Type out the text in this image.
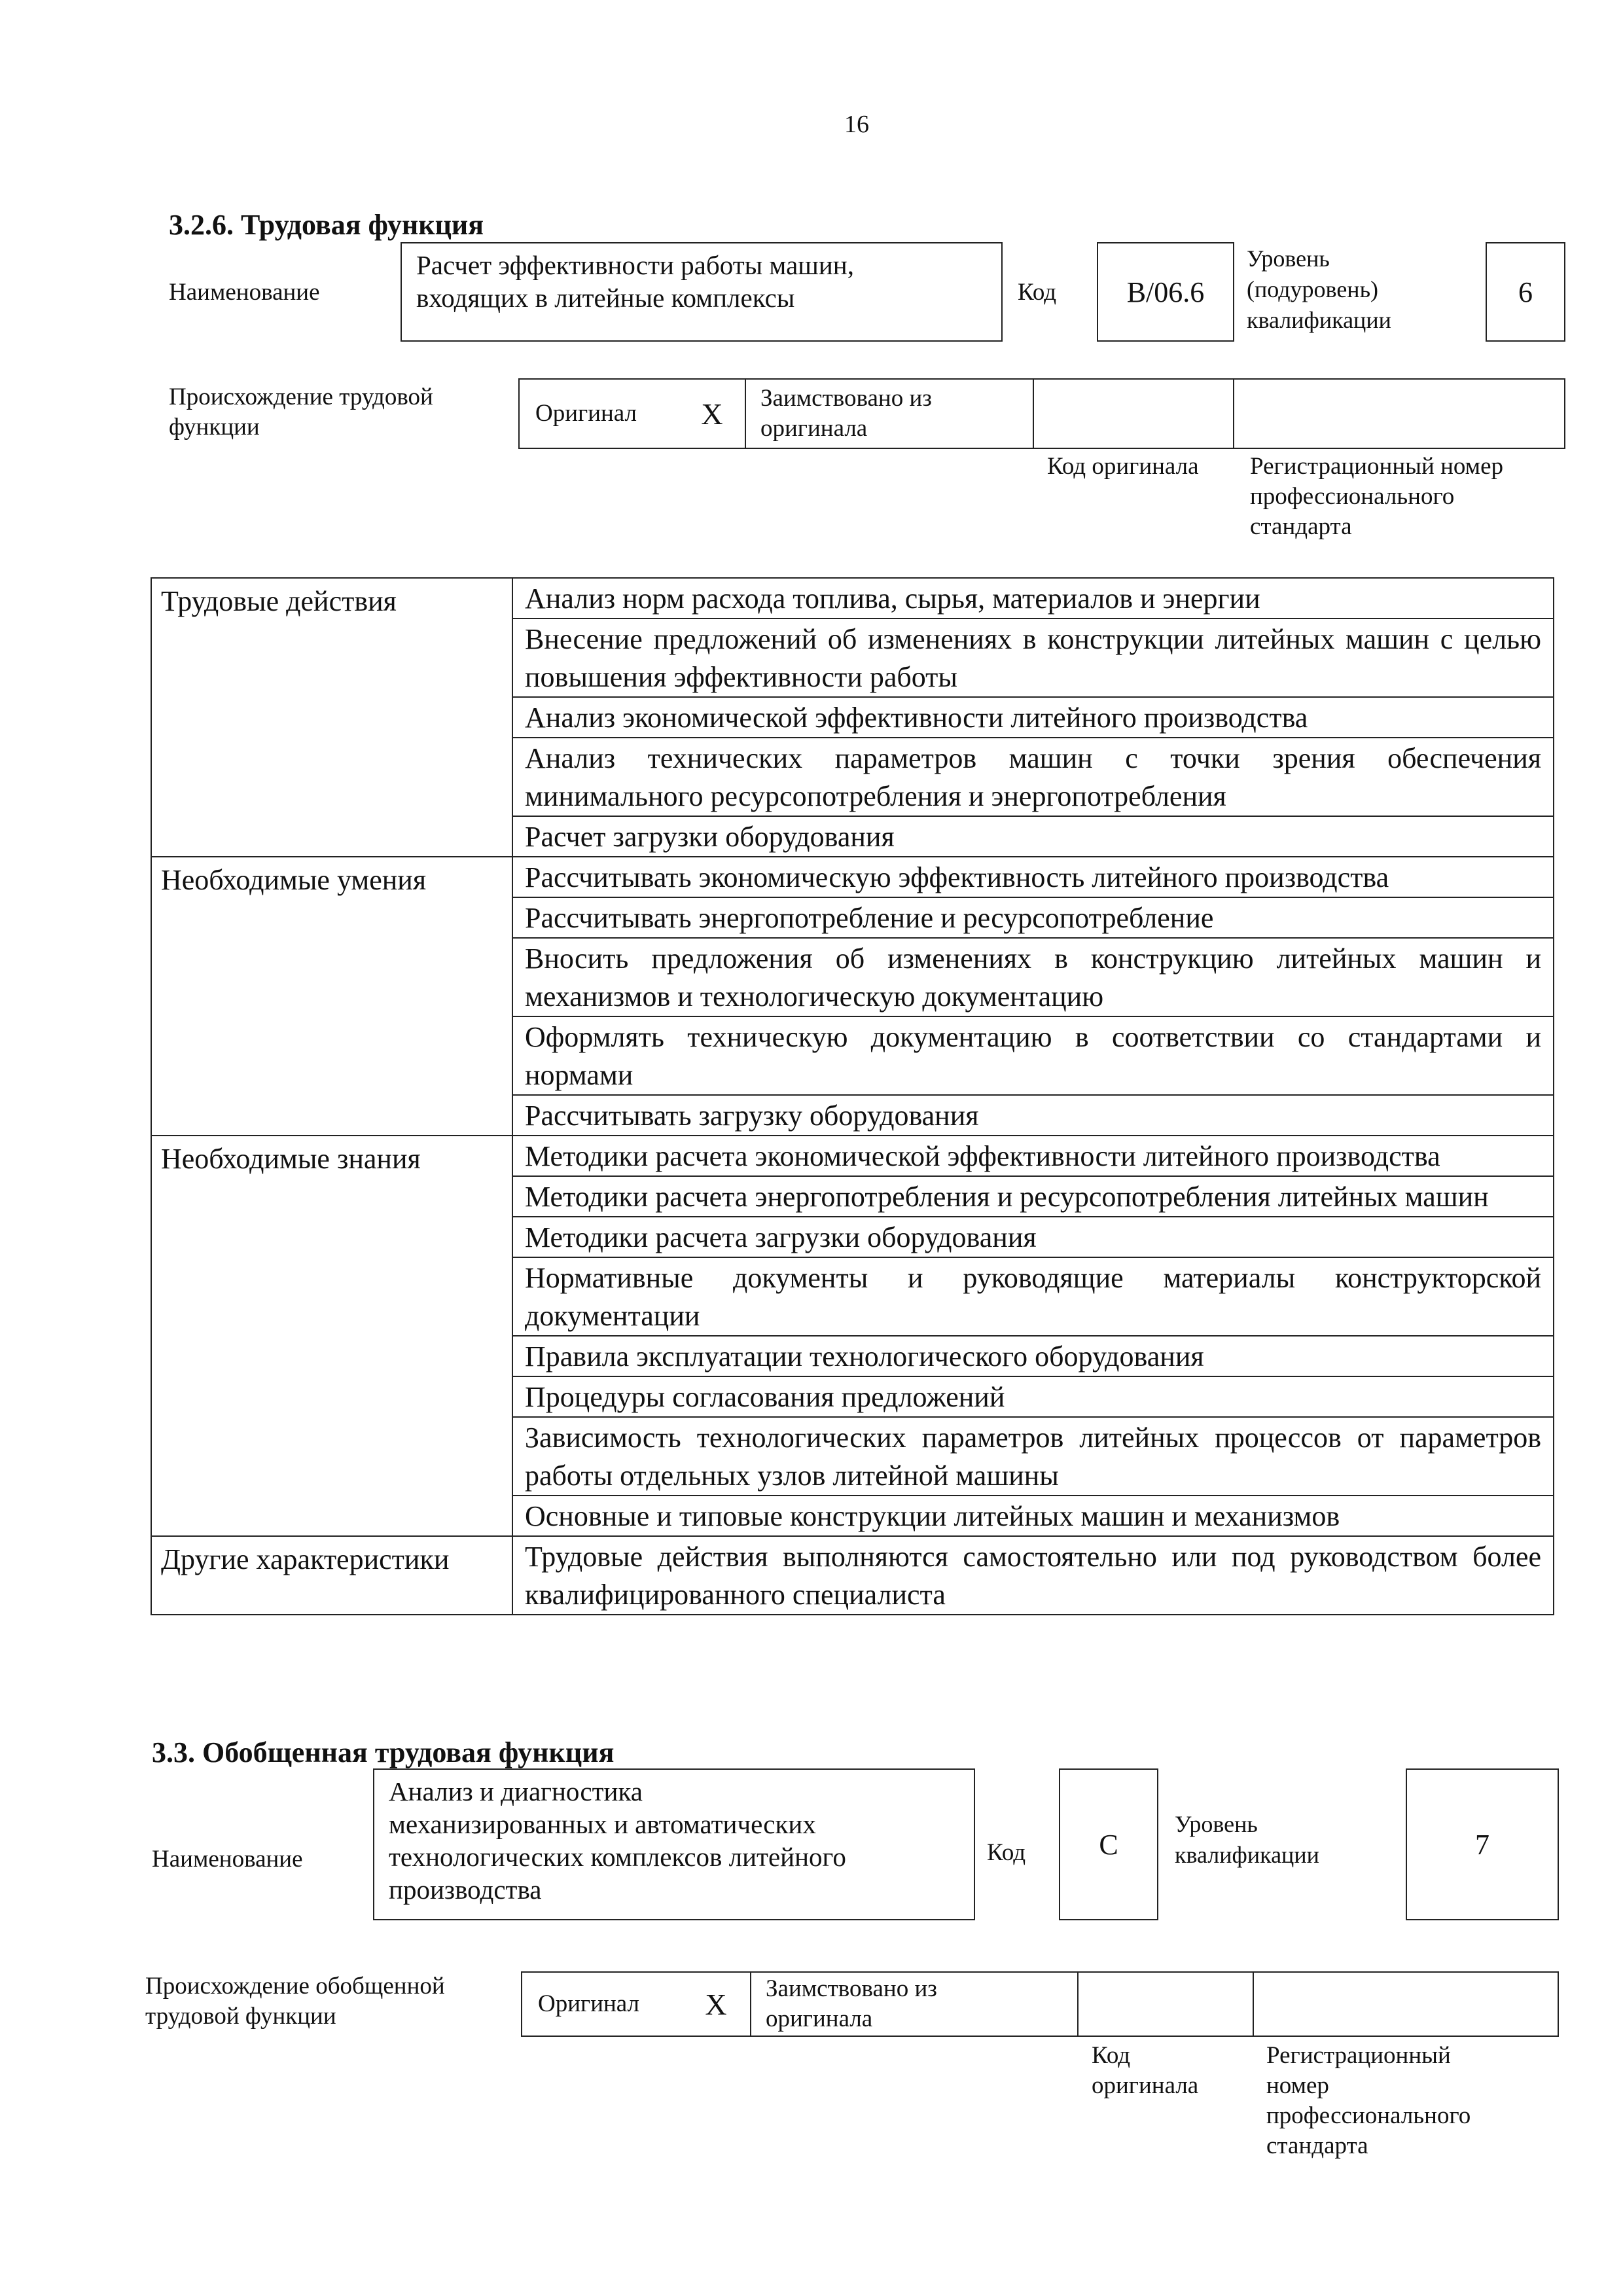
16
3.2.6. Трудовая функция
Наименование
Расчет эффективности работы машин,
входящих в литейные комплексы	Код B/06.6
Уровень
(подуровень)
квалификации
6
Происхождение трудовой
функции
Оригинал X Заимствовано из
оригинала
Код оригинала Регистрационный номер
профессионального
стандарта
Трудовые действия	Анализ норм расхода топлива, сырья, материалов и энергии
	Внесение предложений об изменениях в конструкции литейных машин с целью повышения эффективности работы
	Анализ экономической эффективности литейного производства
	Анализ технических параметров машин с точки зрения обеспечения минимального ресурсопотребления и энергопотребления
	Расчет загрузки оборудования
Необходимые умения	Рассчитывать экономическую эффективность литейного производства
	Рассчитывать энергопотребление и ресурсопотребление
	Вносить предложения об изменениях в конструкцию литейных машин и механизмов и технологическую документацию
	Оформлять техническую документацию в соответствии со стандартами и нормами
	Рассчитывать загрузку оборудования
Необходимые знания	Методики расчета экономической эффективности литейного производства
	Методики расчета энергопотребления и ресурсопотребления литейных машин
	Методики расчета загрузки оборудования
	Нормативные документы и руководящие материалы конструкторской документации
	Правила эксплуатации технологического оборудования
	Процедуры согласования предложений
	Зависимость технологических параметров литейных процессов от параметров работы отдельных узлов литейной машины
	Основные и типовые конструкции литейных машин и механизмов
Другие характеристики	Трудовые действия выполняются самостоятельно или под руководством более квалифицированного специалиста
3.3. Обобщенная трудовая функция
Наименование
Анализ и диагностика
механизированных и автоматических
технологических комплексов литейного
производства
Код	C
Уровень
квалификации	7
Происхождение обобщенной
трудовой функции	Оригинал X Заимствовано из
оригинала
Код
оригинала
Регистрационный
номер
профессионального
стандарта
